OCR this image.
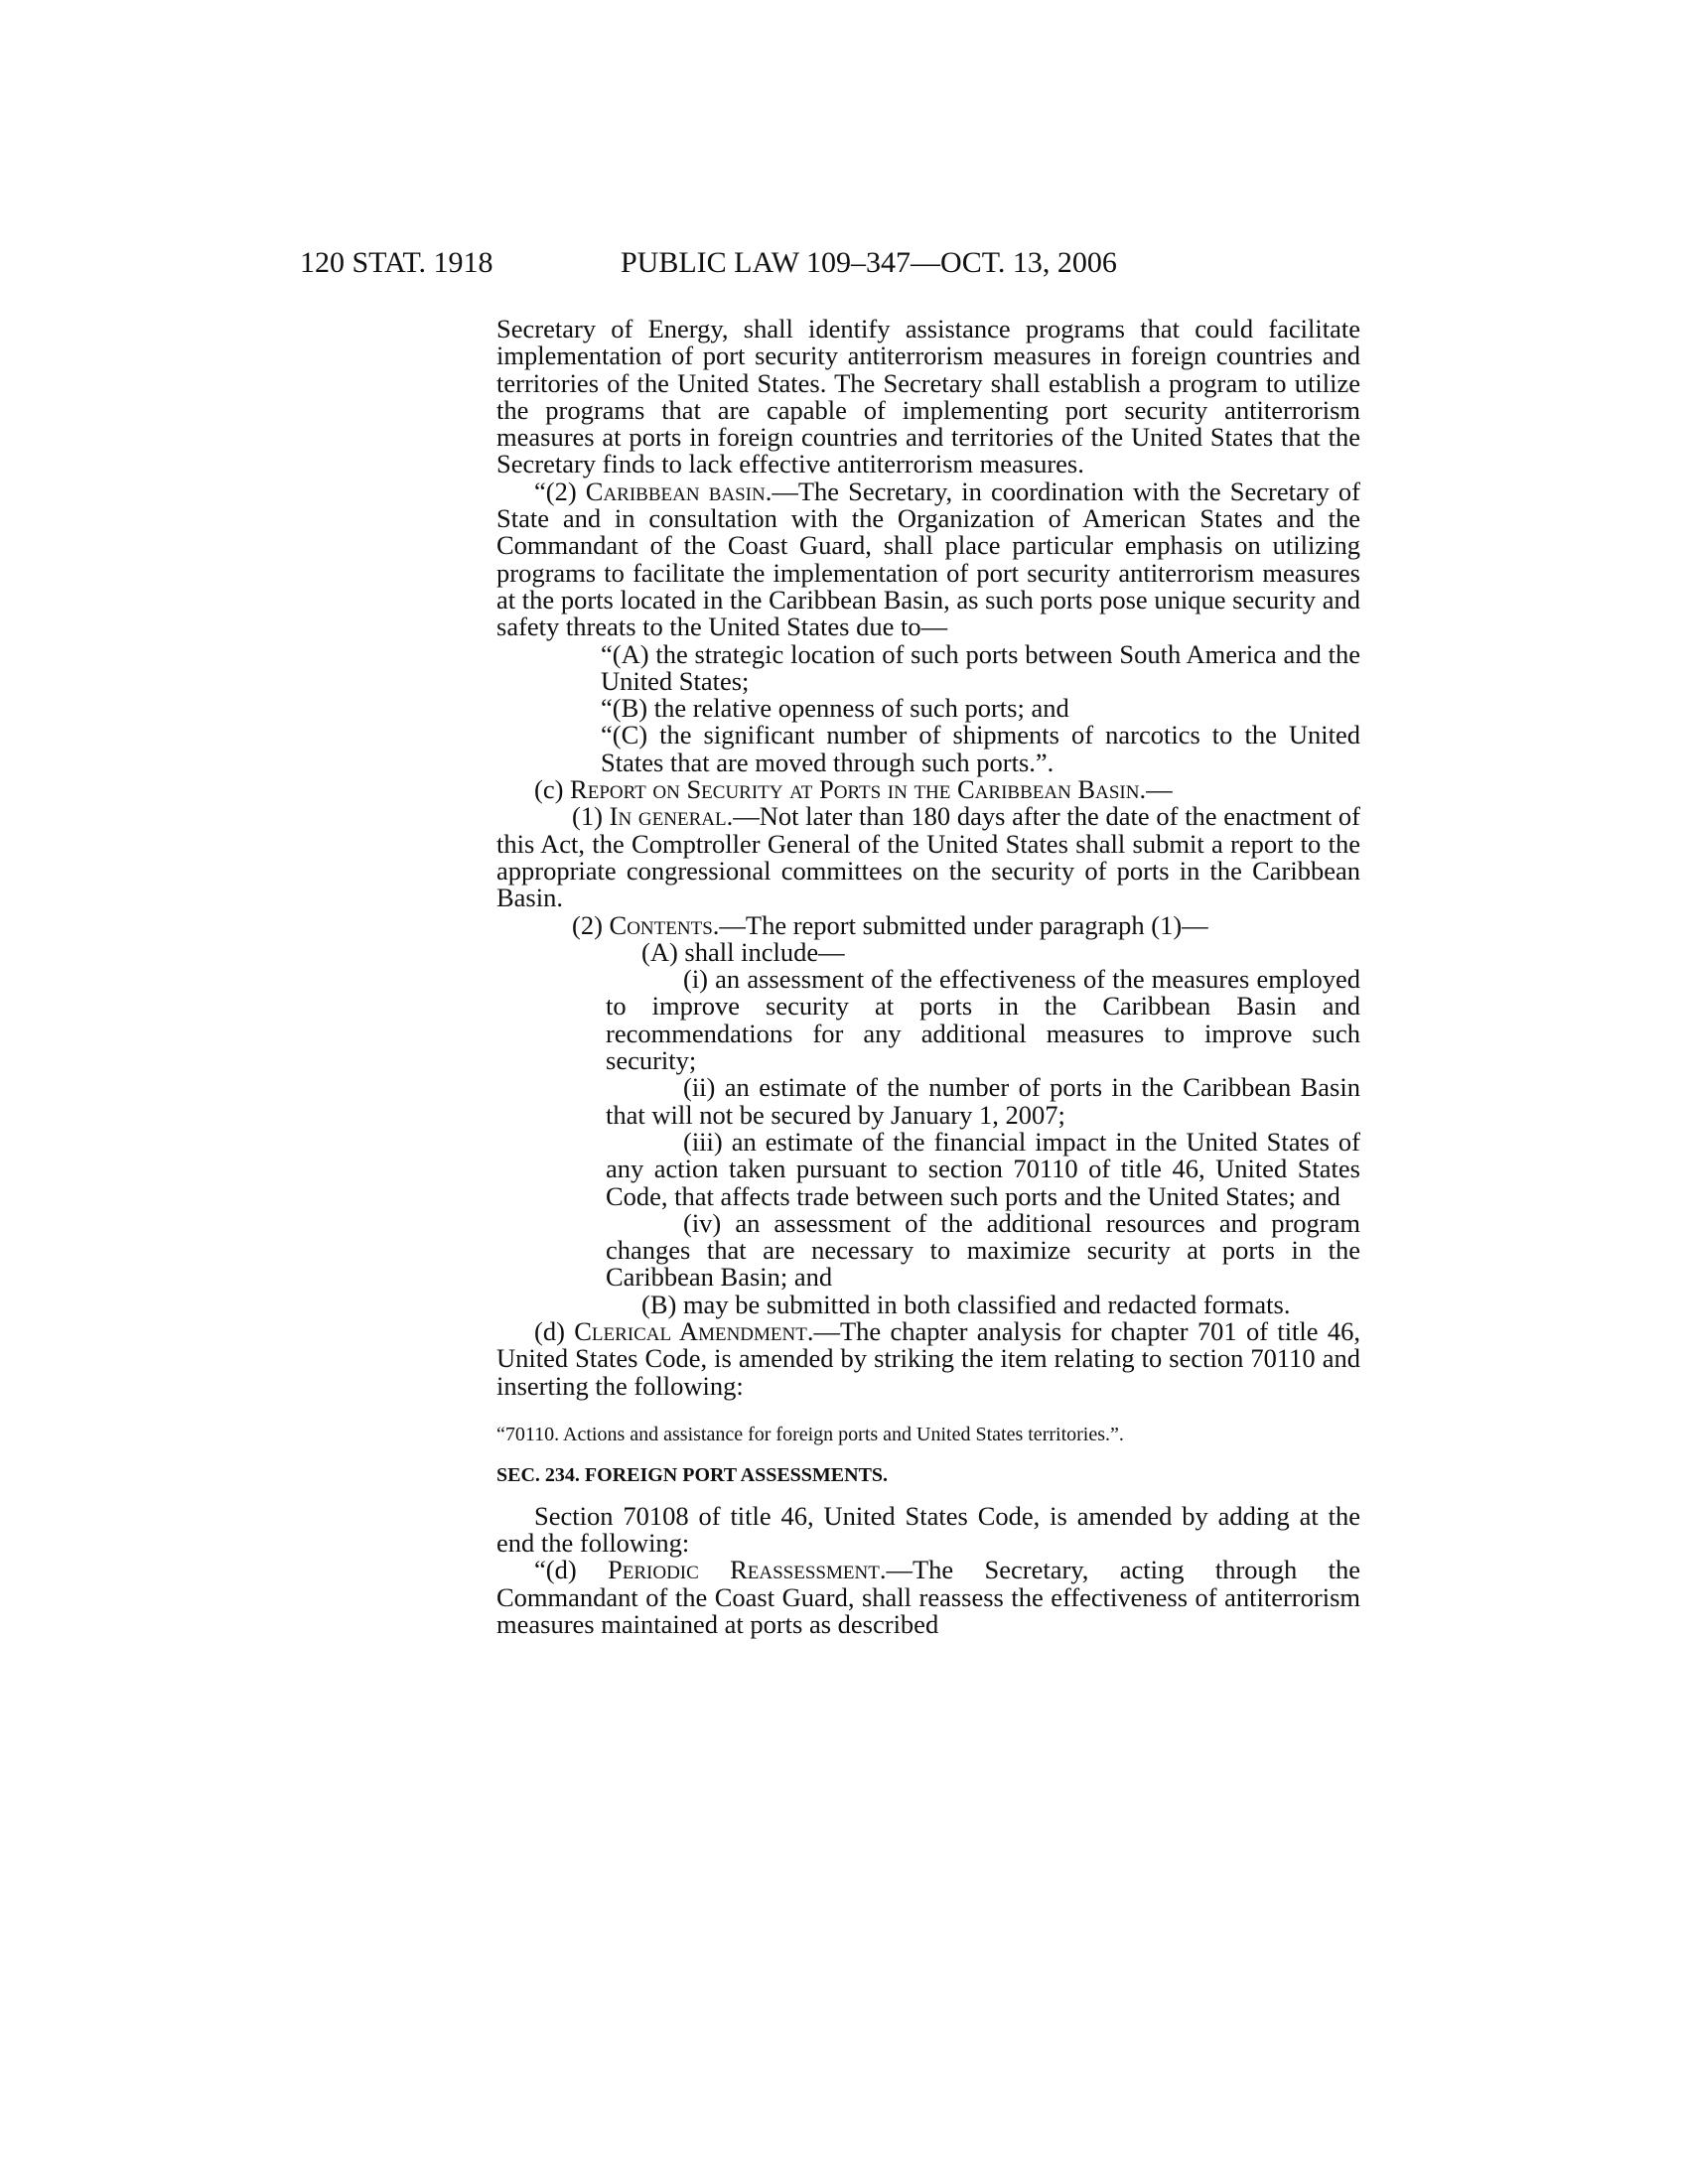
120 STAT. 1918	PUBLIC LAW 109–347—OCT. 13, 2006

Secretary of Energy, shall identify assistance programs that could facilitate implementation of port security antiterrorism measures in foreign countries and territories of the United States. The Secretary shall establish a program to utilize the programs that are capable of implementing port security antiterrorism measures at ports in foreign countries and territories of the United States that the Secretary finds to lack effective antiterrorism measures.

“(2) Caribbean basin.—The Secretary, in coordination with the Secretary of State and in consultation with the Organization of American States and the Commandant of the Coast Guard, shall place particular emphasis on utilizing programs to facilitate the implementation of port security antiterrorism measures at the ports located in the Caribbean Basin, as such ports pose unique security and safety threats to the United States due to—

“(A) the strategic location of such ports between South America and the United States;

“(B) the relative openness of such ports; and

“(C) the significant number of shipments of narcotics to the United States that are moved through such ports.”.

(c) Report on Security at Ports in the Caribbean Basin.—

(1) In general.—Not later than 180 days after the date of the enactment of this Act, the Comptroller General of the United States shall submit a report to the appropriate congressional committees on the security of ports in the Caribbean Basin.

(2) Contents.—The report submitted under paragraph (1)—

(A) shall include—

(i) an assessment of the effectiveness of the measures employed to improve security at ports in the Caribbean Basin and recommendations for any additional measures to improve such security;

(ii) an estimate of the number of ports in the Caribbean Basin that will not be secured by January 1, 2007;

(iii) an estimate of the financial impact in the United States of any action taken pursuant to section 70110 of title 46, United States Code, that affects trade between such ports and the United States; and

(iv) an assessment of the additional resources and program changes that are necessary to maximize security at ports in the Caribbean Basin; and

(B) may be submitted in both classified and redacted formats.

(d) Clerical Amendment.—The chapter analysis for chapter 701 of title 46, United States Code, is amended by striking the item relating to section 70110 and inserting the following:

“70110. Actions and assistance for foreign ports and United States territories.”.

SEC. 234. FOREIGN PORT ASSESSMENTS.

Section 70108 of title 46, United States Code, is amended by adding at the end the following:

“(d) Periodic Reassessment.—The Secretary, acting through the Commandant of the Coast Guard, shall reassess the effectiveness of antiterrorism measures maintained at ports as described
